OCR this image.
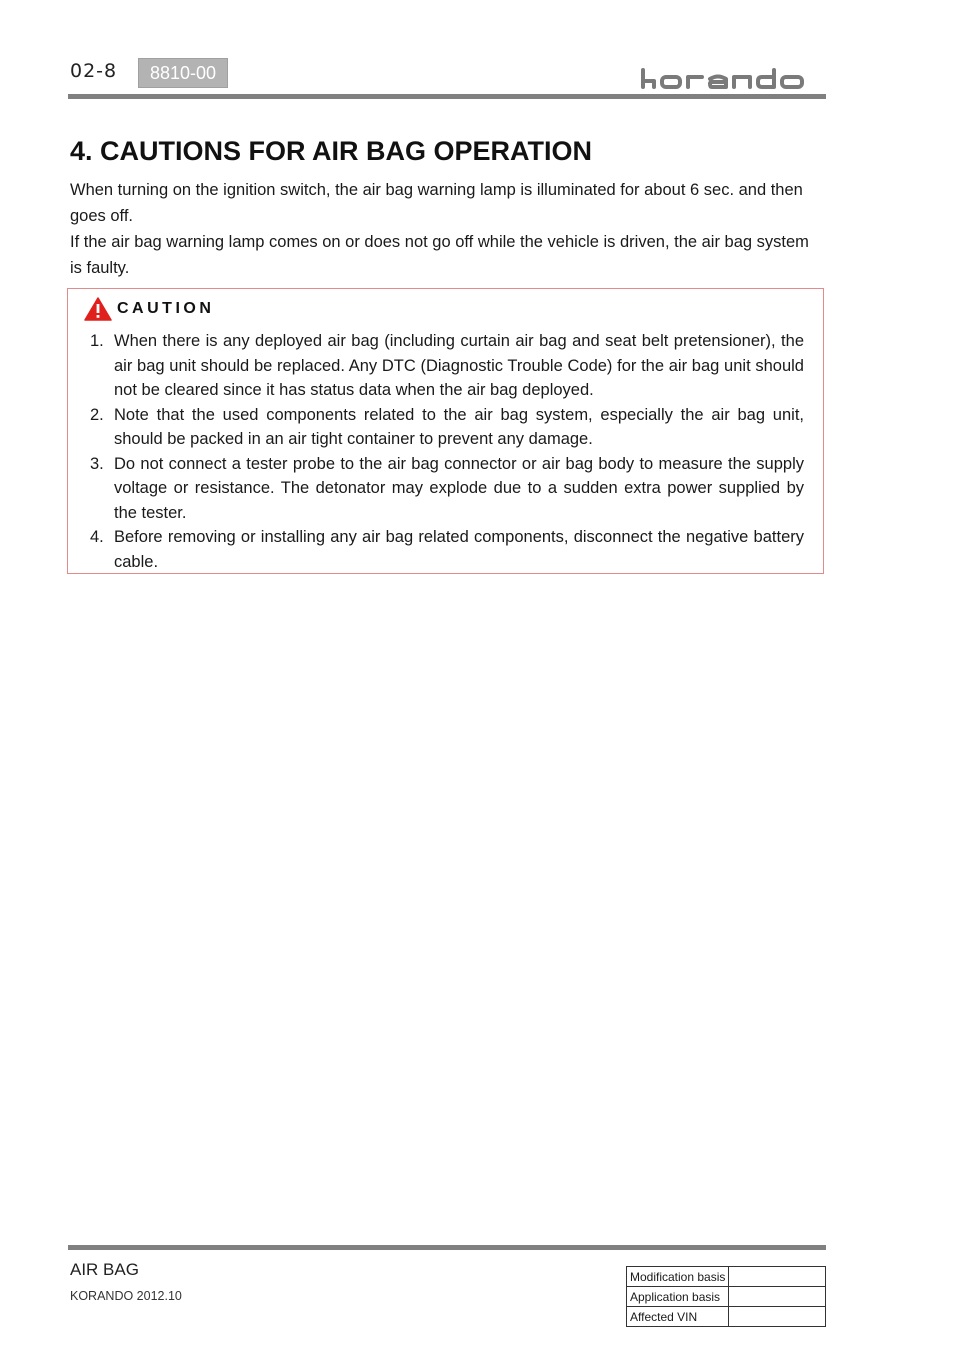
02-8	8810-00
4. CAUTIONS FOR AIR BAG OPERATION

When turning on the ignition switch, the air bag warning lamp is illuminated for about 6 sec. and then goes off.

If the air bag warning lamp comes on or does not go off while the vehicle is driven, the air bag system is faulty.

CAUTION
1. When there is any deployed air bag (including curtain air bag and seat belt pretensioner), the air bag unit should be replaced. Any DTC (Diagnostic Trouble Code) for the air bag unit should not be cleared since it has status data when the air bag deployed.
2. Note that the used components related to the air bag system, especially the air bag unit, should be packed in an air tight container to prevent any damage.
3. Do not connect a tester probe to the air bag connector or air bag body to measure the supply voltage or resistance. The detonator may explode due to a sudden extra power supplied by the tester.
4. Before removing or installing any air bag related components, disconnect the negative battery cable.
AIR BAG
KORANDO 2012.10
Modification basis	
Application basis	
Affected VIN	
